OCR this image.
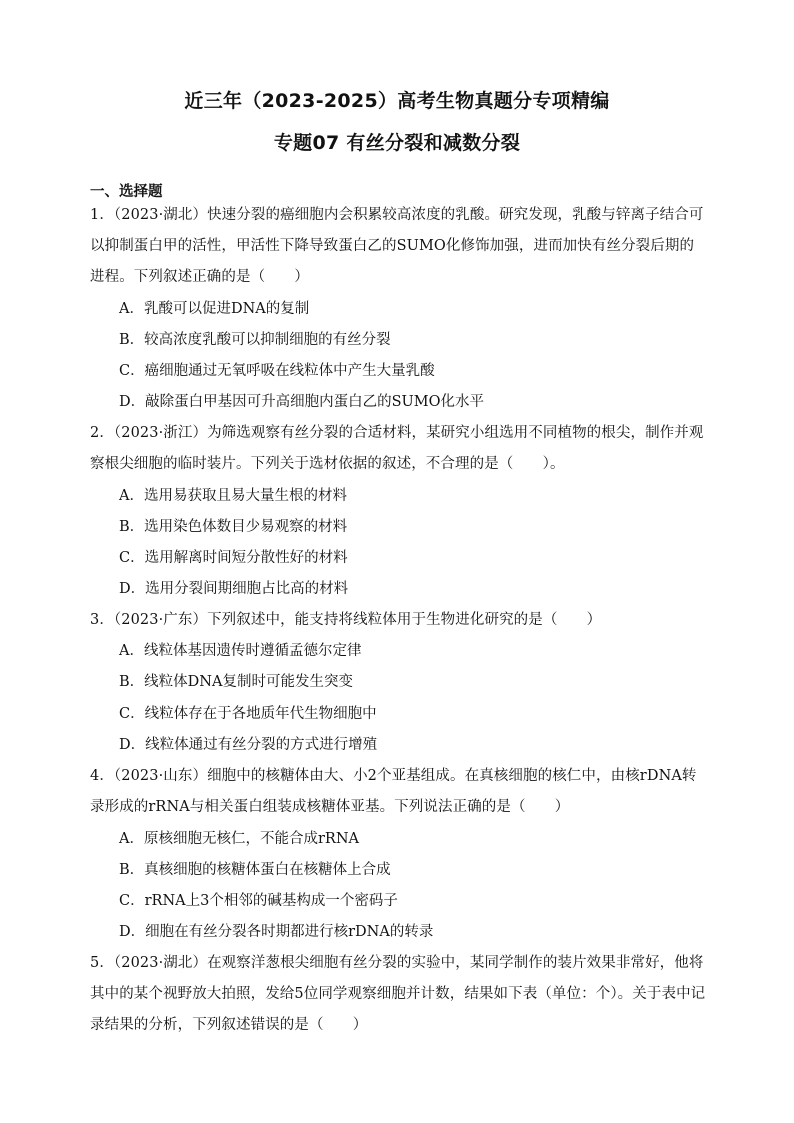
近三年（2023-2025）高考生物真题分专项精编
专题07 有丝分裂和减数分裂
一、选择题
1．（2023·湖北）快速分裂的癌细胞内会积累较高浓度的乳酸。研究发现，乳酸与锌离子结合可以抑制蛋白甲的活性，甲活性下降导致蛋白乙的SUMO化修饰加强，进而加快有丝分裂后期的进程。下列叙述正确的是（　　）
A．乳酸可以促进DNA的复制
B．较高浓度乳酸可以抑制细胞的有丝分裂
C．癌细胞通过无氧呼吸在线粒体中产生大量乳酸
D．敲除蛋白甲基因可升高细胞内蛋白乙的SUMO化水平
2．（2023·浙江）为筛选观察有丝分裂的合适材料，某研究小组选用不同植物的根尖，制作并观察根尖细胞的临时装片。下列关于选材依据的叙述，不合理的是（　　）。
A．选用易获取且易大量生根的材料
B．选用染色体数目少易观察的材料
C．选用解离时间短分散性好的材料
D．选用分裂间期细胞占比高的材料
3．（2023·广东）下列叙述中，能支持将线粒体用于生物进化研究的是（　　）
A．线粒体基因遗传时遵循孟德尔定律
B．线粒体DNA复制时可能发生突变
C．线粒体存在于各地质年代生物细胞中
D．线粒体通过有丝分裂的方式进行增殖
4．（2023·山东）细胞中的核糖体由大、小2个亚基组成。在真核细胞的核仁中，由核rDNA转录形成的rRNA与相关蛋白组装成核糖体亚基。下列说法正确的是（　　）
A．原核细胞无核仁，不能合成rRNA
B．真核细胞的核糖体蛋白在核糖体上合成
C．rRNA上3个相邻的碱基构成一个密码子
D．细胞在有丝分裂各时期都进行核rDNA的转录
5．（2023·湖北）在观察洋葱根尖细胞有丝分裂的实验中，某同学制作的装片效果非常好，他将其中的某个视野放大拍照，发给5位同学观察细胞并计数，结果如下表（单位：个）。关于表中记录结果的分析，下列叙述错误的是（　　）
